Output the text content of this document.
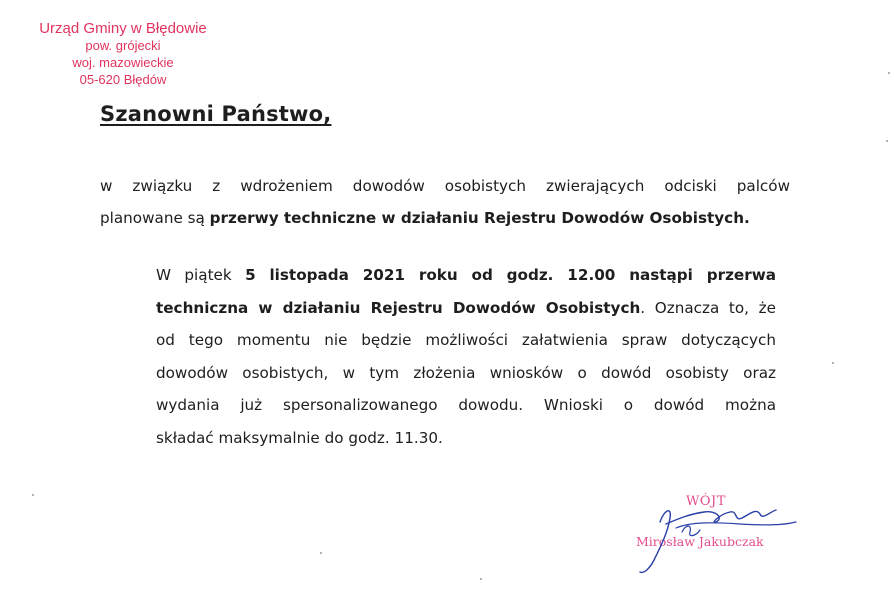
Urząd Gminy w Błędowie
pow. grójecki
woj. mazowieckie
05-620 Błędów
Szanowni Państwo,
w związku z wdrożeniem dowodów osobistych zwierających odciski palców
planowane są przerwy techniczne w działaniu Rejestru Dowodów Osobistych.
W piątek 5 listopada 2021 roku od godz. 12.00 nastąpi przerwa
techniczna w działaniu Rejestru Dowodów Osobistych. Oznacza to, że
od tego momentu nie będzie możliwości załatwienia spraw dotyczących
dowodów osobistych, w tym złożenia wniosków o dowód osobisty oraz
wydania już spersonalizowanego dowodu. Wnioski o dowód można
składać maksymalnie do godz. 11.30.
WÓJT
Mirosław Jakubczak
